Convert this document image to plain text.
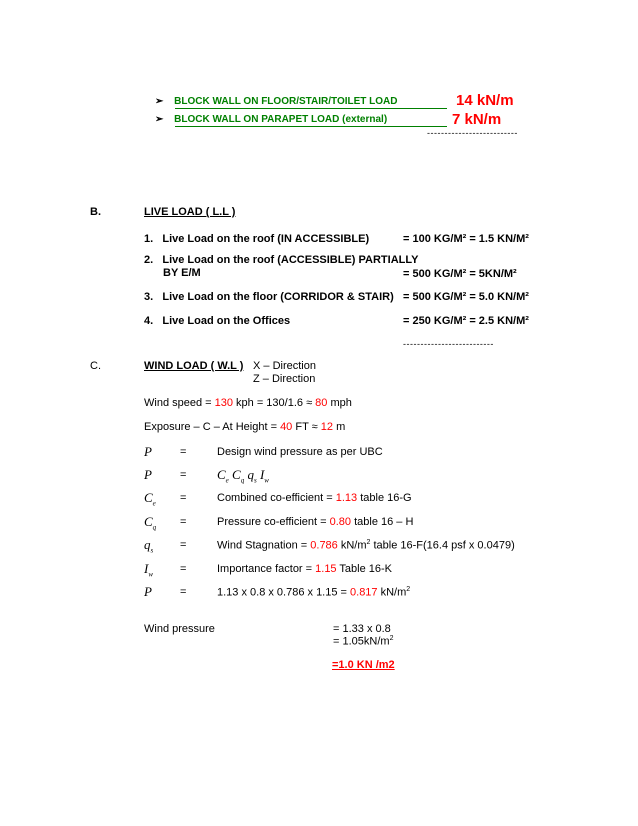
➢ BLOCK WALL ON FLOOR/STAIR/TOILET LOAD	14 kN/m
➢ BLOCK WALL ON PARAPET LOAD (external)	7 kN/m
--------------------------
B.	LIVE LOAD ( L.L )
1. Live Load on the roof (IN ACCESSIBLE)	= 100 KG/M² = 1.5 KN/M²
2. Live Load on the roof (ACCESSIBLE) PARTIALLY
BY E/M	= 500 KG/M² = 5KN/M²
3. Live Load on the floor (CORRIDOR & STAIR) = 500 KG/M² = 5.0 KN/M²
4. Live Load on the Offices	= 250 KG/M² = 2.5 KN/M²
--------------------------
C.	WIND LOAD ( W.L ) X – Direction
Z – Direction
Wind speed = 130 kph = 130/1.6 ≈ 80 mph
Exposure – C – At Height = 40 FT ≈ 12 m
P	=	Design wind pressure as per UBC
P	= $C_e$ $C_q$ $q_s$ $I_w$
$C_e$ =	Combined co-efficient = 1.13 table 16-G
$C_q$ =	Pressure co-efficient = 0.80 table 16 – H
$q_s$ =	Wind Stagnation = 0.786 $kN/m^2$ table 16-F(16.4 psf x 0.0479)
$I_w$ =	Importance factor = 1.15 Table 16-K
P	=	1.13 x 0.8 x 0.786 x 1.15 = 0.817 $kN/m^2$
Wind pressure	= 1.33 x 0.8
= $1.05kN/m^2$
=1.0 KN /m2
